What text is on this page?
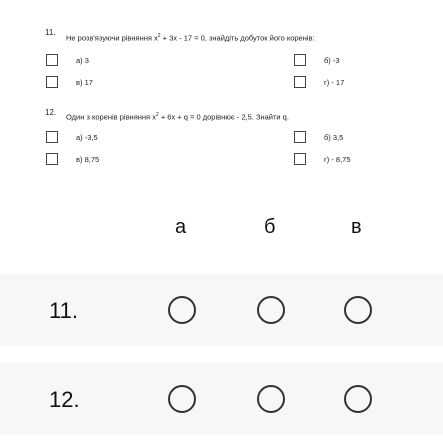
11.
Не розв'язуючи рівняння $x^2 + 3x - 17 = 0$, знайдіть добуток його коренів:
а) 3	б) -3
в) 17	г) - 17
12. Один з коренів рівняння $x^2 + 6x + q = 0$ дорівнює - 2,5. Знайти q.
а) -3,5	б) 3,5
в) 8,75	г) - 8,75
а	б	в
11.
12.
